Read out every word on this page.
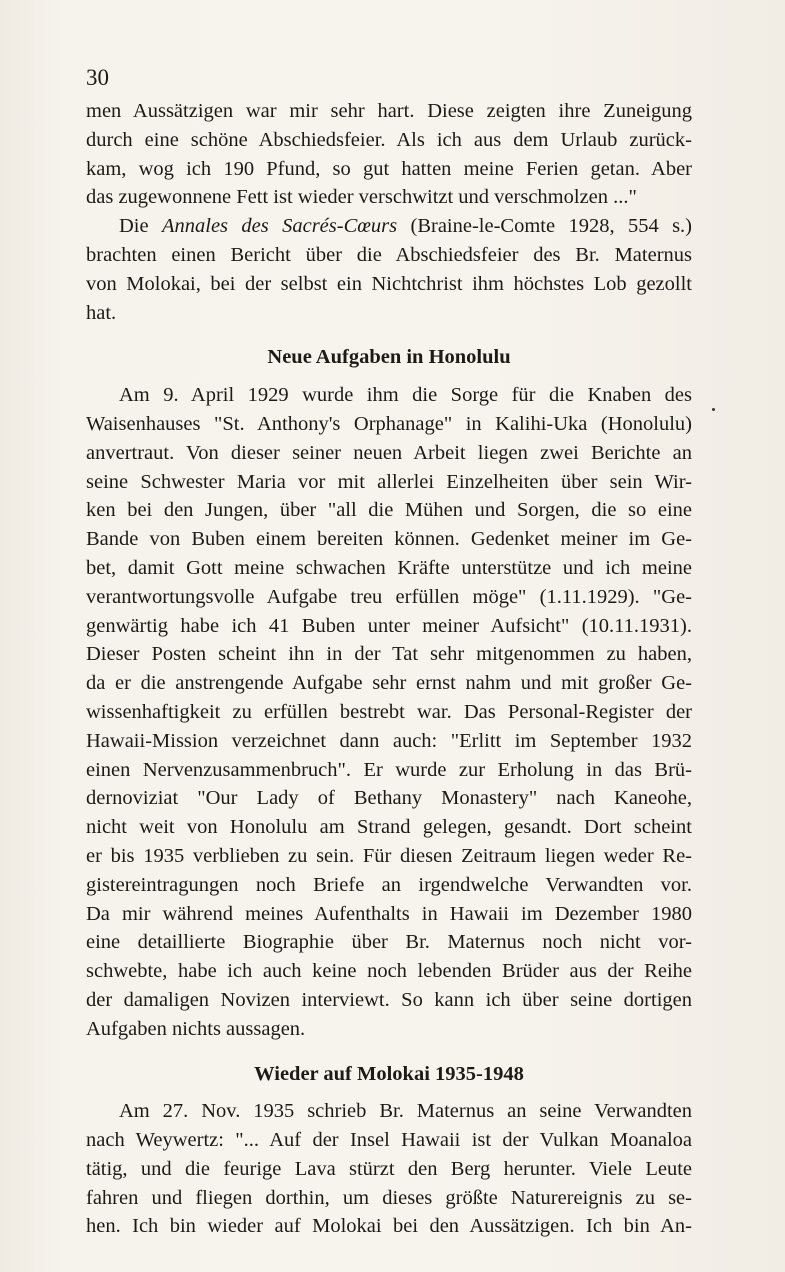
30
men Aussätzigen war mir sehr hart. Diese zeigten ihre Zuneigung
durch eine schöne Abschiedsfeier. Als ich aus dem Urlaub zurück-
kam, wog ich 190 Pfund, so gut hatten meine Ferien getan. Aber
das zugewonnene Fett ist wieder verschwitzt und verschmolzen ..."
Die Annales des Sacrés-Cœurs (Braine-le-Comte 1928, 554 s.)
brachten einen Bericht über die Abschiedsfeier des Br. Maternus
von Molokai, bei der selbst ein Nichtchrist ihm höchstes Lob gezollt
hat.
Neue Aufgaben in Honolulu
Am 9. April 1929 wurde ihm die Sorge für die Knaben des
Waisenhauses "St. Anthony's Orphanage" in Kalihi-Uka (Honolulu)
anvertraut. Von dieser seiner neuen Arbeit liegen zwei Berichte an
seine Schwester Maria vor mit allerlei Einzelheiten über sein Wir-
ken bei den Jungen, über "all die Mühen und Sorgen, die so eine
Bande von Buben einem bereiten können. Gedenket meiner im Ge-
bet, damit Gott meine schwachen Kräfte unterstütze und ich meine
verantwortungsvolle Aufgabe treu erfüllen möge" (1.11.1929). "Ge-
genwärtig habe ich 41 Buben unter meiner Aufsicht" (10.11.1931).
Dieser Posten scheint ihn in der Tat sehr mitgenommen zu haben,
da er die anstrengende Aufgabe sehr ernst nahm und mit großer Ge-
wissenhaftigkeit zu erfüllen bestrebt war. Das Personal-Register der
Hawaii-Mission verzeichnet dann auch: "Erlitt im September 1932
einen Nervenzusammenbruch". Er wurde zur Erholung in das Brü-
dernoviziat "Our Lady of Bethany Monastery" nach Kaneohe,
nicht weit von Honolulu am Strand gelegen, gesandt. Dort scheint
er bis 1935 verblieben zu sein. Für diesen Zeitraum liegen weder Re-
gistereintragungen noch Briefe an irgendwelche Verwandten vor.
Da mir während meines Aufenthalts in Hawaii im Dezember 1980
eine detaillierte Biographie über Br. Maternus noch nicht vor-
schwebte, habe ich auch keine noch lebenden Brüder aus der Reihe
der damaligen Novizen interviewt. So kann ich über seine dortigen
Aufgaben nichts aussagen.
Wieder auf Molokai 1935-1948
Am 27. Nov. 1935 schrieb Br. Maternus an seine Verwandten
nach Weywertz: "... Auf der Insel Hawaii ist der Vulkan Moanaloa
tätig, und die feurige Lava stürzt den Berg herunter. Viele Leute
fahren und fliegen dorthin, um dieses größte Naturereignis zu se-
hen. Ich bin wieder auf Molokai bei den Aussätzigen. Ich bin An-
